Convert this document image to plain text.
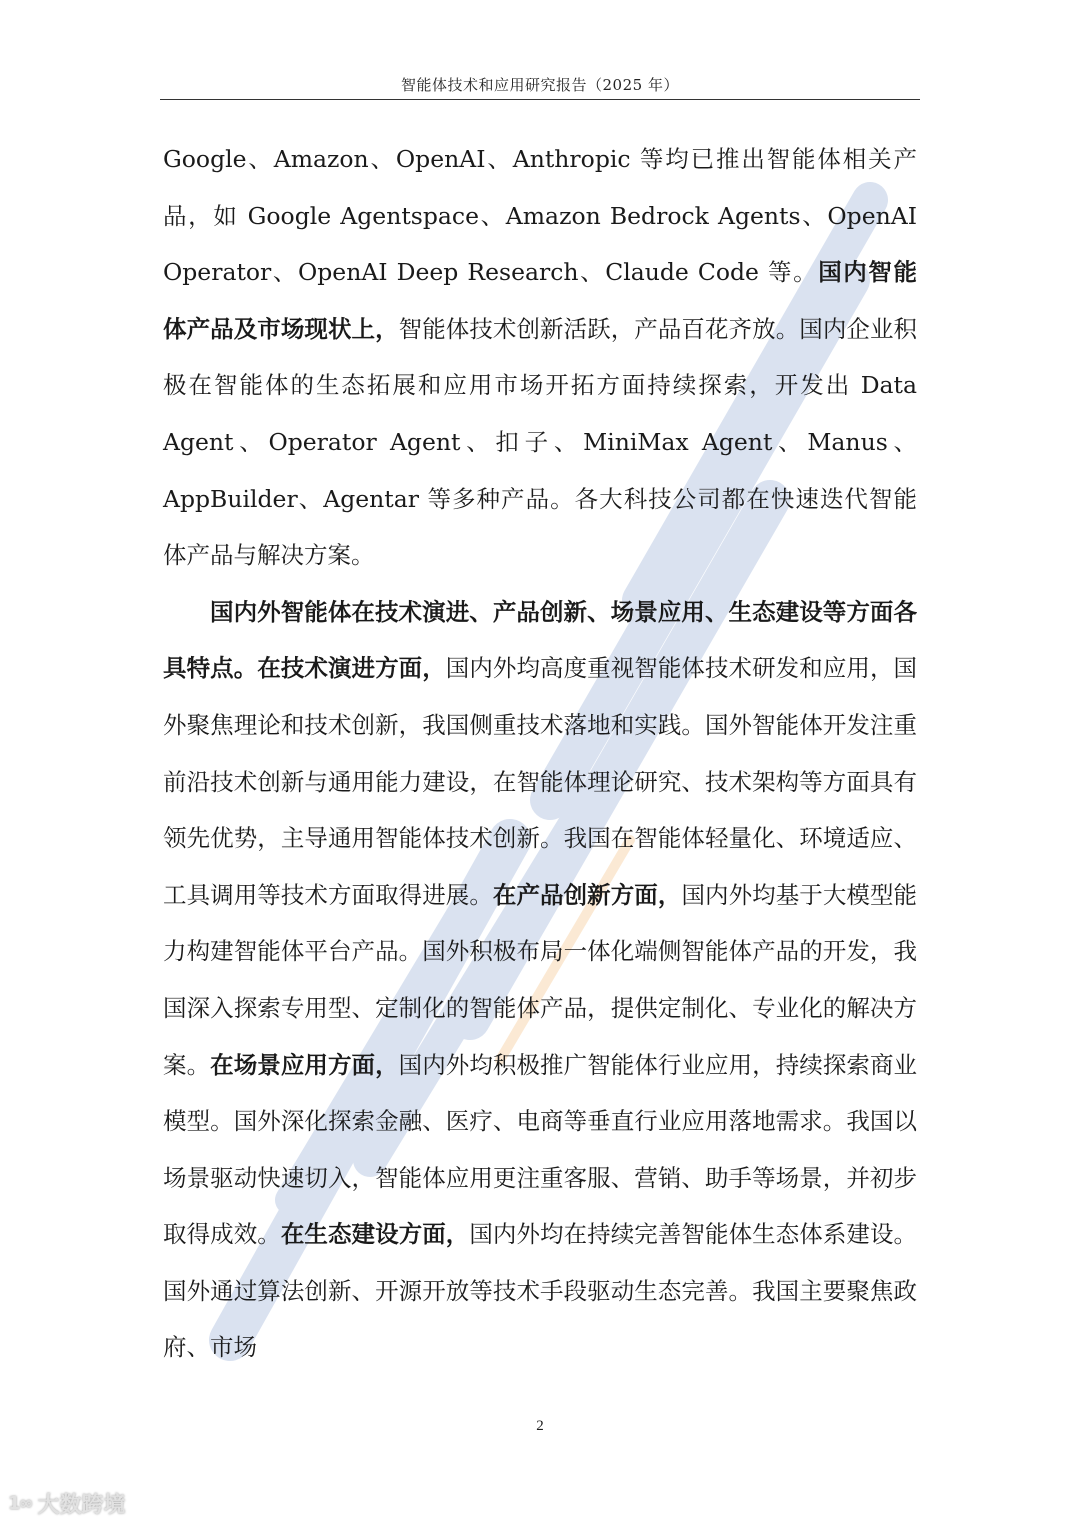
智能体技术和应用研究报告（2025 年）

Google、Amazon、OpenAI、Anthropic 等均已推出智能体相关产品，如 Google Agentspace、Amazon Bedrock Agents、OpenAI Operator、OpenAI Deep Research、Claude Code 等。国内智能体产品及市场现状上，智能体技术创新活跃，产品百花齐放。国内企业积极在智能体的生态拓展和应用市场开拓方面持续探索，开发出 Data Agent、Operator Agent、扣子、MiniMax Agent、Manus、AppBuilder、Agentar 等多种产品。各大科技公司都在快速迭代智能体产品与解决方案。

国内外智能体在技术演进、产品创新、场景应用、生态建设等方面各具特点。在技术演进方面，国内外均高度重视智能体技术研发和应用，国外聚焦理论和技术创新，我国侧重技术落地和实践。国外智能体开发注重前沿技术创新与通用能力建设，在智能体理论研究、技术架构等方面具有领先优势，主导通用智能体技术创新。我国在智能体轻量化、环境适应、工具调用等技术方面取得进展。在产品创新方面，国内外均基于大模型能力构建智能体平台产品。国外积极布局一体化端侧智能体产品的开发，我国深入探索专用型、定制化的智能体产品，提供定制化、专业化的解决方案。在场景应用方面，国内外均积极推广智能体行业应用，持续探索商业模型。国外深化探索金融、医疗、电商等垂直行业应用落地需求。我国以场景驱动快速切入，智能体应用更注重客服、营销、助手等场景，并初步取得成效。在生态建设方面，国内外均在持续完善智能体生态体系建设。国外通过算法创新、开源开放等技术手段驱动生态完善。我国主要聚焦政府、市场

2
1∞ 大数跨境
